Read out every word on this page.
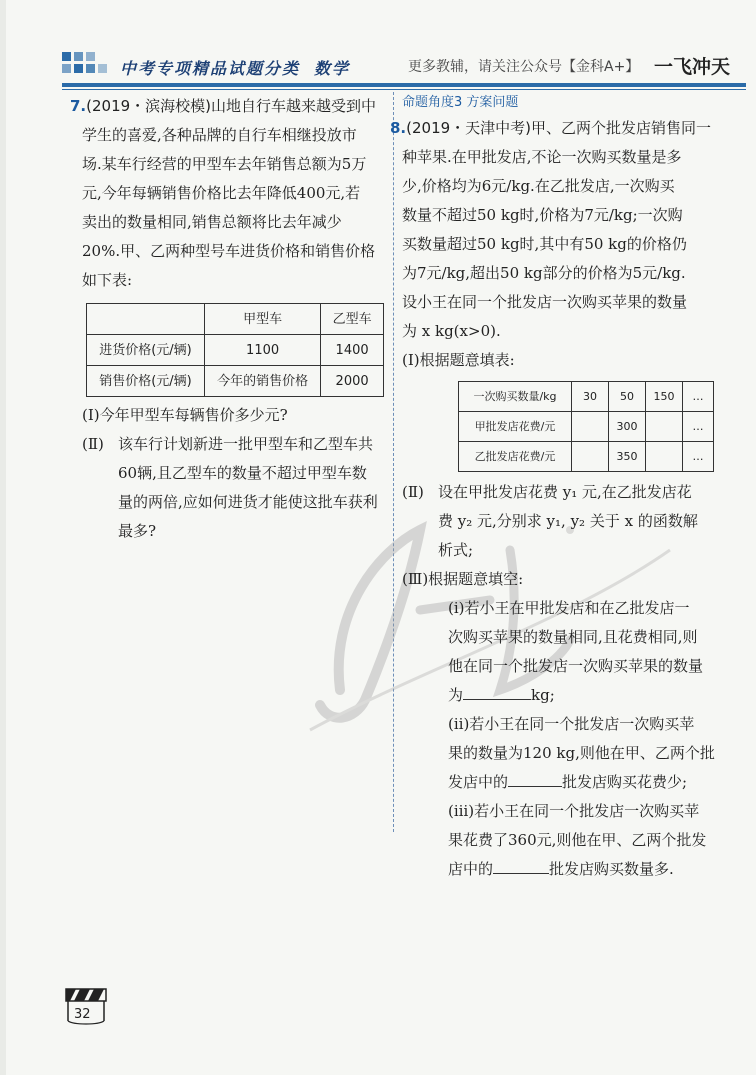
中考专项精品试题分类 数学	更多教辅，请关注公众号【金科A+】 一飞冲天
7.(2019・滨海校模)山地自行车越来越受到中
学生的喜爱,各种品牌的自行车相继投放市
场.某车行经营的甲型车去年销售总额为5万
元,今年每辆销售价格比去年降低400元,若
卖出的数量相同,销售总额将比去年减少
20%.甲、乙两种型号车进货价格和销售价格
如下表:
	甲型车	乙型车
进货价格(元/辆)	1100	1400
销售价格(元/辆)	今年的销售价格	2000
(Ⅰ)今年甲型车每辆售价多少元?
(Ⅱ) 该车行计划新进一批甲型车和乙型车共
60辆,且乙型车的数量不超过甲型车数
量的两倍,应如何进货才能使这批车获利
最多?
命题角度3 方案问题
8.(2019・天津中考)甲、乙两个批发店销售同一
种苹果.在甲批发店,不论一次购买数量是多
少,价格均为6元/kg.在乙批发店,一次购买
数量不超过50 kg时,价格为7元/kg;一次购
买数量超过50 kg时,其中有50 kg的价格仍
为7元/kg,超出50 kg部分的价格为5元/kg.
设小王在同一个批发店一次购买苹果的数量
为 x kg(x>0).
(Ⅰ)根据题意填表:
一次购买数量/kg	30	50	150	…
甲批发店花费/元		300		…
乙批发店花费/元		350		…
(Ⅱ) 设在甲批发店花费 y₁ 元,在乙批发店花
费 y₂ 元,分别求 y₁, y₂ 关于 x 的函数解
析式;
(Ⅲ)根据题意填空:
(ⅰ)若小王在甲批发店和在乙批发店一
次购买苹果的数量相同,且花费相同,则
他在同一个批发店一次购买苹果的数量
为	kg;
(ⅱ)若小王在同一个批发店一次购买苹
果的数量为120 kg,则他在甲、乙两个批
发店中的	批发店购买花费少;
(ⅲ)若小王在同一个批发店一次购买苹
果花费了360元,则他在甲、乙两个批发
店中的	批发店购买数量多.
32
